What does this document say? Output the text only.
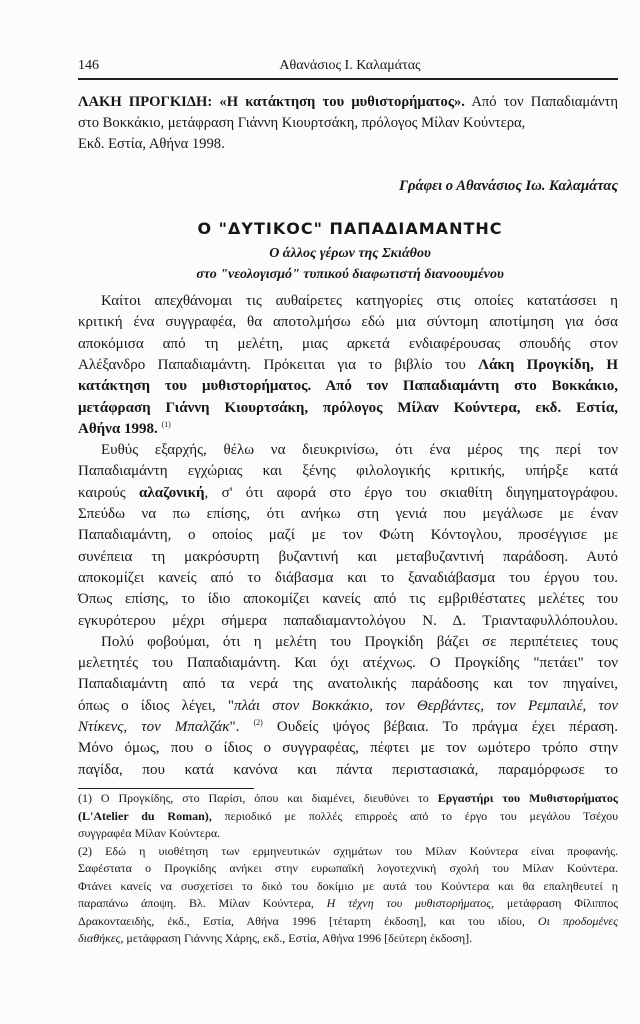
146	Αθανάσιος Ι. Καλαμάτας
ΛΑΚΗ ΠΡΟΓΚΙΔΗ: «Η κατάκτηση του μυθιστορήματος». Από τον Παπαδιαμάντη
στο Βοκκάκιο, μετάφραση Γιάννη Κιουρτσάκη, πρόλογος Μίλαν Κούντερα,
Εκδ. Εστία, Αθήνα 1998.
Γράφει ο Αθανάσιος Ιω. Καλαμάτας
Ο "ΔΥΤΙΚΟϹ" ΠΑΠΑΔΙΑΜΑΝΤΗϹ
Ο άλλος γέρων της Σκιάθου
στο "νεολογισμό" τυπικού διαφωτιστή διανοουμένου
Καίτοι απεχθάνομαι τις αυθαίρετες κατηγορίες στις οποίες κατατάσσει η
κριτική ένα συγγραφέα, θα αποτολμήσω εδώ μια σύντομη αποτίμηση για όσα
αποκόμισα από τη μελέτη, μιας αρκετά ενδιαφέρουσας σπουδής στον
Αλέξανδρο Παπαδιαμάντη. Πρόκειται για το βιβλίο του Λάκη Προγκίδη, Η
κατάκτηση του μυθιστορήματος. Από τον Παπαδιαμάντη στο Βοκκάκιο,
μετάφραση Γιάννη Κιουρτσάκη, πρόλογος Μίλαν Κούντερα, εκδ. Εστία,
Αθήνα 1998. $^{(1)}$
Ευθύς εξαρχής, θέλω να διευκρινίσω, ότι ένα μέρος της περί τον
Παπαδιαμάντη εγχώριας και ξένης φιλολογικής κριτικής, υπήρξε κατά
καιρούς αλαζονική, σ' ότι αφορά στο έργο του σκιαθίτη διηγηματογράφου.
Σπεύδω να πω επίσης, ότι ανήκω στη γενιά που μεγάλωσε με έναν
Παπαδιαμάντη, ο οποίος μαζί με τον Φώτη Κόντογλου, προσέγγισε με
συνέπεια τη μακρόσυρτη βυζαντινή και μεταβυζαντινή παράδοση. Αυτό
αποκομίζει κανείς από το διάβασμα και το ξαναδιάβασμα του έργου του.
Όπως επίσης, το ίδιο αποκομίζει κανείς από τις εμβριθέστατες μελέτες του
εγκυρότερου μέχρι σήμερα παπαδιαμαντολόγου Ν. Δ. Τριανταφυλλόπουλου.
Πολύ φοβούμαι, ότι η μελέτη του Προγκίδη βάζει σε περιπέτειες τους
μελετητές του Παπαδιαμάντη. Και όχι ατέχνως. Ο Προγκίδης "πετάει" τον
Παπαδιαμάντη από τα νερά της ανατολικής παράδοσης και τον πηγαίνει,
όπως ο ίδιος λέγει, "πλάι στον Βοκκάκιο, τον Θερβάντες, τον Ρεμπαιλέ, τον
Ντίκενς, τον Μπαλζάκ". $^{(2)}$ Ουδείς ψόγος βέβαια. Το πράγμα έχει πέραση.
Μόνο όμως, που ο ίδιος ο συγγραφέας, πέφτει με τον ωμότερο τρόπο στην
παγίδα, που κατά κανόνα και πάντα περιστασιακά, παραμόρφωσε το
(1) Ο Προγκίδης, στο Παρίσι, όπου και διαμένει, διευθύνει το Εργαστήρι του Μυθιστορήματος
(L'Atelier du Roman), περιοδικό με πολλές επιρροές από το έργο του μεγάλου Τσέχου
συγγραφέα Μίλαν Κούντερα.
(2) Εδώ η υιοθέτηση των ερμηνευτικών σχημάτων του Μίλαν Κούντερα είναι προφανής.
Σαφέστατα ο Προγκίδης ανήκει στην ευρωπαϊκή λογοτεχνική σχολή του Μίλαν Κούντερα.
Φτάνει κανείς να συσχετίσει το δικό του δοκίμιο με αυτά του Κούντερα και θα επαληθευτεί η
παραπάνω άποψη. Βλ. Μίλαν Κούντερα, Η τέχνη του μυθιστορήματος, μετάφραση Φίλιππος
Δρακονταειδής, έκδ., Εστία, Αθήνα 1996 [τέταρτη έκδοση], και του ιδίου, Οι προδομένες
διαθήκες, μετάφραση Γιάννης Χάρης, εκδ., Εστία, Αθήνα 1996 [δεύτερη έκδοση].
